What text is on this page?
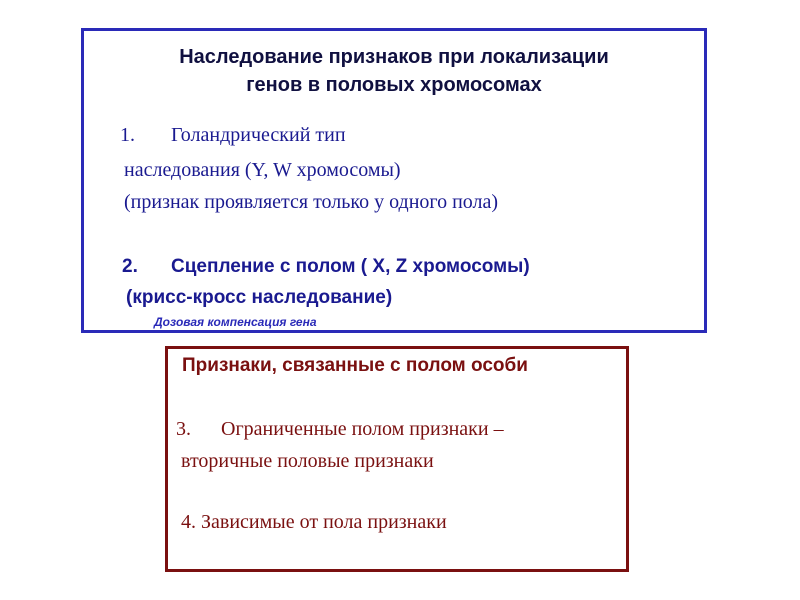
Наследование признаков при локализации
генов в половых хромосомах
1. Голандрический тип
наследования (Y, W хромосомы)
(признак проявляется только у одного пола)
2. Сцепление с полом ( X, Z хромосомы)
(крисс-кросс наследование)
Дозовая компенсация гена
Признаки, связанные с полом особи
3. Ограниченные полом признаки –
вторичные половые признаки
4. Зависимые от пола признаки
